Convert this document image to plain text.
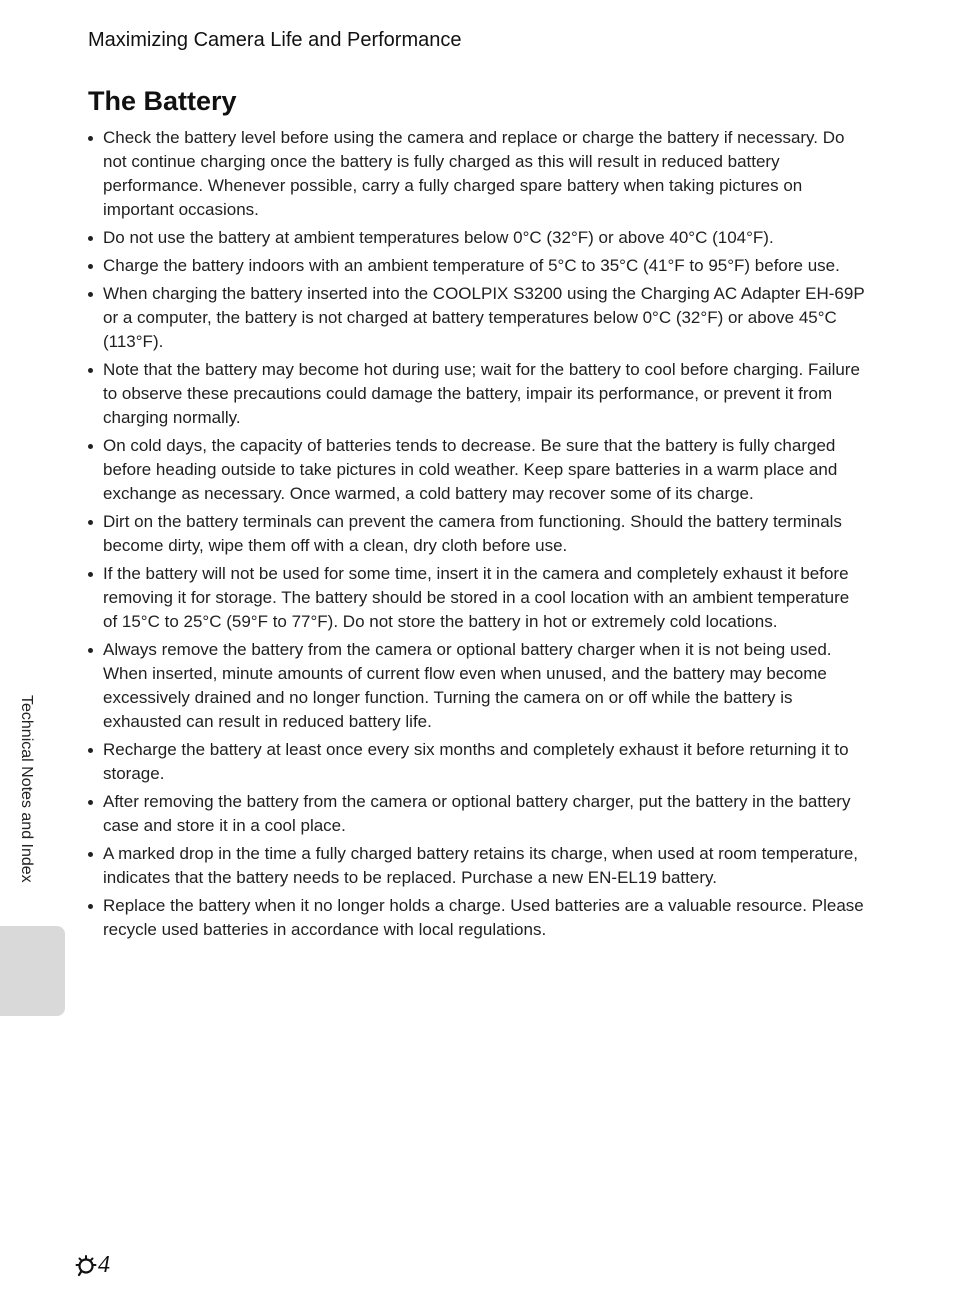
Maximizing Camera Life and Performance
The Battery
Check the battery level before using the camera and replace or charge the battery if necessary. Do not continue charging once the battery is fully charged as this will result in reduced battery performance. Whenever possible, carry a fully charged spare battery when taking pictures on important occasions.
Do not use the battery at ambient temperatures below 0°C (32°F) or above 40°C (104°F).
Charge the battery indoors with an ambient temperature of 5°C to 35°C (41°F to 95°F) before use.
When charging the battery inserted into the COOLPIX S3200 using the Charging AC Adapter EH-69P or a computer, the battery is not charged at battery temperatures below 0°C (32°F) or above 45°C (113°F).
Note that the battery may become hot during use; wait for the battery to cool before charging. Failure to observe these precautions could damage the battery, impair its performance, or prevent it from charging normally.
On cold days, the capacity of batteries tends to decrease. Be sure that the battery is fully charged before heading outside to take pictures in cold weather. Keep spare batteries in a warm place and exchange as necessary. Once warmed, a cold battery may recover some of its charge.
Dirt on the battery terminals can prevent the camera from functioning. Should the battery terminals become dirty, wipe them off with a clean, dry cloth before use.
If the battery will not be used for some time, insert it in the camera and completely exhaust it before removing it for storage. The battery should be stored in a cool location with an ambient temperature of 15°C to 25°C (59°F to 77°F). Do not store the battery in hot or extremely cold locations.
Always remove the battery from the camera or optional battery charger when it is not being used. When inserted, minute amounts of current flow even when unused, and the battery may become excessively drained and no longer function. Turning the camera on or off while the battery is exhausted can result in reduced battery life.
Recharge the battery at least once every six months and completely exhaust it before returning it to storage.
After removing the battery from the camera or optional battery charger, put the battery in the battery case and store it in a cool place.
A marked drop in the time a fully charged battery retains its charge, when used at room temperature, indicates that the battery needs to be replaced. Purchase a new EN-EL19 battery.
Replace the battery when it no longer holds a charge. Used batteries are a valuable resource. Please recycle used batteries in accordance with local regulations.
Technical Notes and Index
4
